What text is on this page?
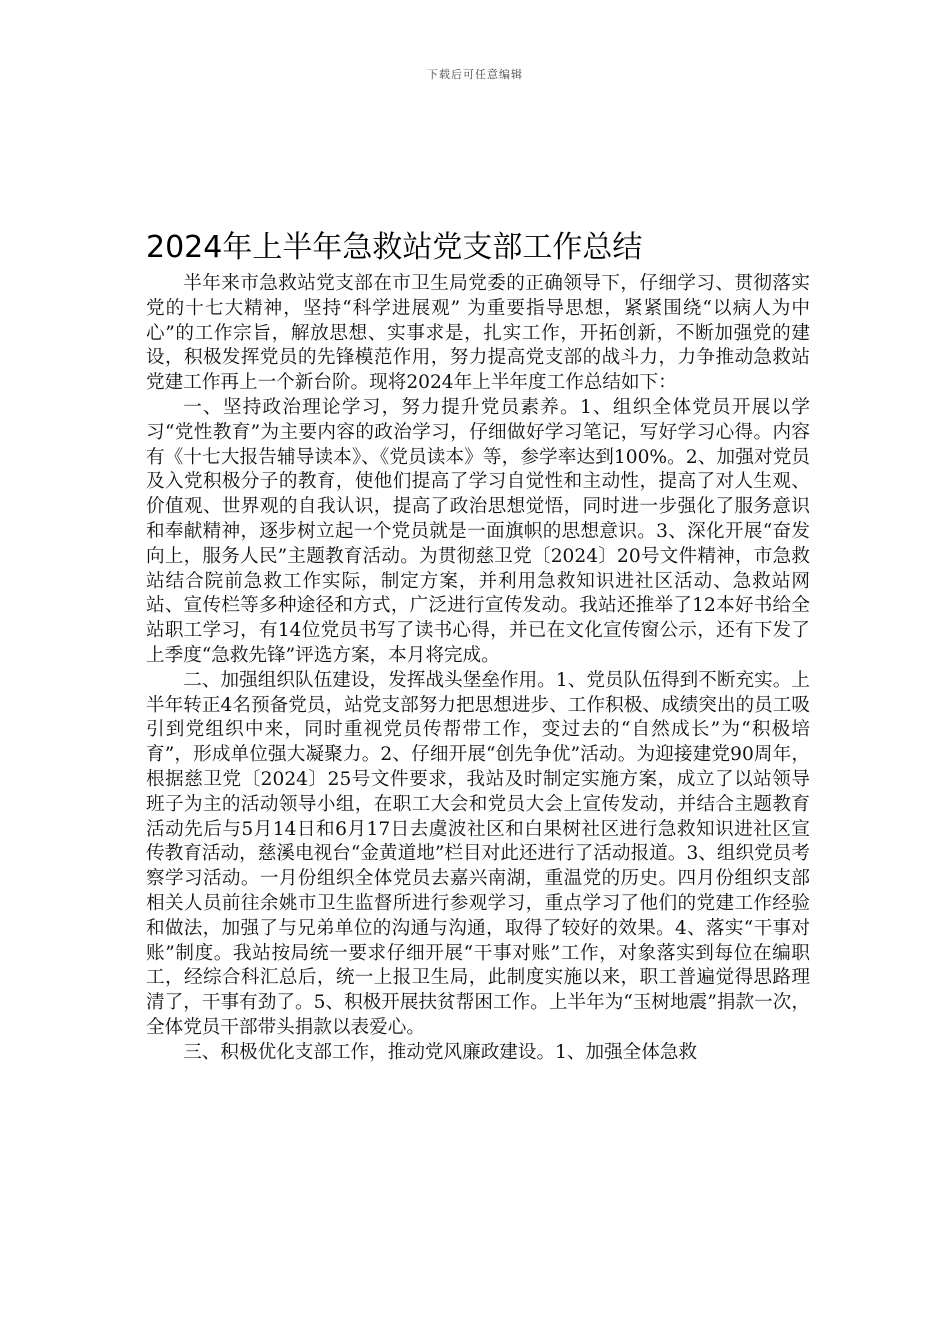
下载后可任意编辑
2024年上半年急救站党支部工作总结

半年来市急救站党支部在市卫生局党委的正确领导下，仔细学习、贯彻落实党的十七大精神，坚持“科学进展观” 为重要指导思想，紧紧围绕“以病人为中心”的工作宗旨，解放思想、实事求是，扎实工作，开拓创新，不断加强党的建设，积极发挥党员的先锋模范作用，努力提高党支部的战斗力，力争推动急救站党建工作再上一个新台阶。现将2024年上半年度工作总结如下：

一、坚持政治理论学习，努力提升党员素养。1、组织全体党员开展以学习“党性教育”为主要内容的政治学习，仔细做好学习笔记，写好学习心得。内容有《十七大报告辅导读本》、《党员读本》等，参学率达到100%。2、加强对党员及入党积极分子的教育，使他们提高了学习自觉性和主动性，提高了对人生观、价值观、世界观的自我认识，提高了政治思想觉悟，同时进一步强化了服务意识和奉献精神，逐步树立起一个党员就是一面旗帜的思想意识。3、深化开展“奋发向上，服务人民”主题教育活动。为贯彻慈卫党〔2024〕20号文件精神，市急救站结合院前急救工作实际，制定方案，并利用急救知识进社区活动、急救站网站、宣传栏等多种途径和方式，广泛进行宣传发动。我站还推举了12本好书给全站职工学习，有14位党员书写了读书心得，并已在文化宣传窗公示，还有下发了上季度“急救先锋”评选方案，本月将完成。

二、加强组织队伍建设，发挥战头堡垒作用。1、党员队伍得到不断充实。上半年转正4名预备党员，站党支部努力把思想进步、工作积极、成绩突出的员工吸引到党组织中来，同时重视党员传帮带工作，变过去的“自然成长”为“积极培育”，形成单位强大凝聚力。2、仔细开展“创先争优”活动。为迎接建党90周年，根据慈卫党〔2024〕25号文件要求，我站及时制定实施方案，成立了以站领导班子为主的活动领导小组，在职工大会和党员大会上宣传发动，并结合主题教育活动先后与5月14日和6月17日去虞波社区和白果树社区进行急救知识进社区宣传教育活动，慈溪电视台“金黄道地”栏目对此还进行了活动报道。3、组织党员考察学习活动。一月份组织全体党员去嘉兴南湖，重温党的历史。四月份组织支部相关人员前往余姚市卫生监督所进行参观学习，重点学习了他们的党建工作经验和做法，加强了与兄弟单位的沟通与沟通，取得了较好的效果。4、落实“干事对账”制度。我站按局统一要求仔细开展“干事对账”工作，对象落实到每位在编职工，经综合科汇总后，统一上报卫生局，此制度实施以来，职工普遍觉得思路理清了，干事有劲了。5、积极开展扶贫帮困工作。上半年为“玉树地震”捐款一次，全体党员干部带头捐款以表爱心。

三、积极优化支部工作，推动党风廉政建设。1、加强全体急救
